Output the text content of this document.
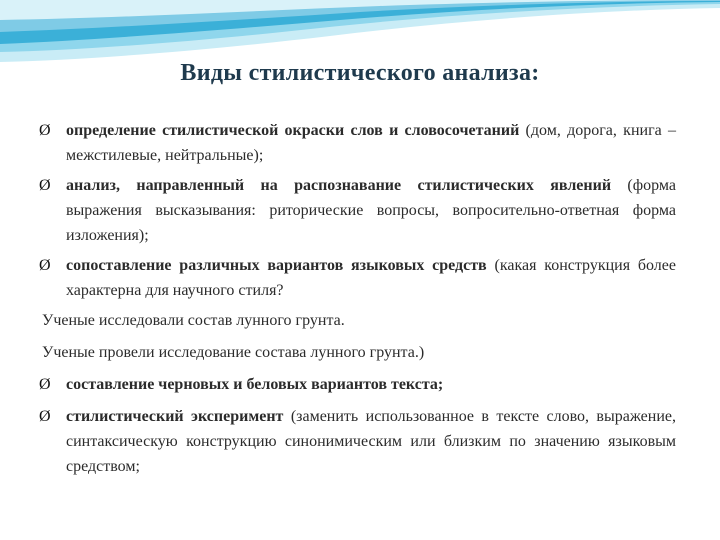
Виды стилистического анализа:
Ø определение стилистической окраски слов и словосочетаний (дом, дорога, книга – межстилевые, нейтральные);
Ø анализ, направленный на распознавание стилистических явлений (форма выражения высказывания: риторические вопросы, вопросительно-ответная форма изложения);
Ø сопоставление различных вариантов языковых средств (какая конструкция более характерна для научного стиля?
Ученые исследовали состав лунного грунта.
Ученые провели исследование состава лунного грунта.)
Ø составление черновых и беловых вариантов текста;
Ø стилистический эксперимент (заменить использованное в тексте слово, выражение, синтаксическую конструкцию синонимическим или близким по значению языковым средством;
